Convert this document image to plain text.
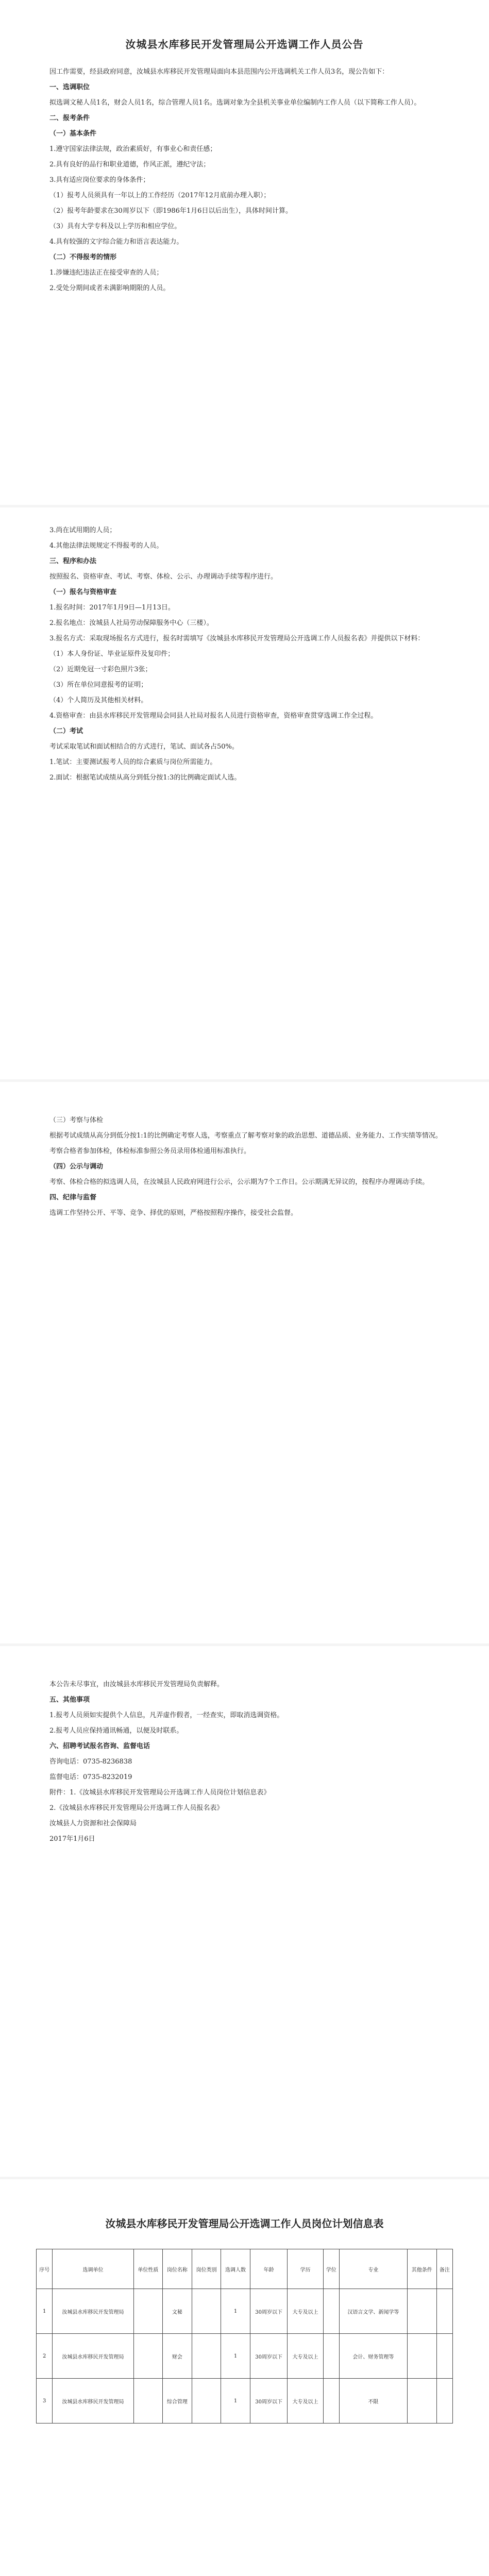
汝城县水库移民开发管理局公开选调工作人员公告
因工作需要，经县政府同意，汝城县水库移民开发管理局面向本县范围内公开选调机关工作人员3名，现公告如下：
一、选调职位
拟选调文秘人员1名，财会人员1名，综合管理人员1名。选调对象为全县机关事业单位编制内工作人员（以下简称工作人员）。
二、报考条件
（一）基本条件
1.遵守国家法律法规，政治素质好，有事业心和责任感；
2.具有良好的品行和职业道德，作风正派，遵纪守法；
3.具有适应岗位要求的身体条件；
（1）报考人员须具有一年以上的工作经历（2017年12月底前办理入职）；
（2）报考年龄要求在30周岁以下（即1986年1月6日以后出生），具体时间计算。
（3）具有大学专科及以上学历和相应学位。
4.具有较强的文字综合能力和语言表达能力。
（二）不得报考的情形
1.涉嫌违纪违法正在接受审查的人员；
2.受处分期间或者未满影响期限的人员。
3.尚在试用期的人员；
4.其他法律法规规定不得报考的人员。
三、程序和办法
按照报名、资格审查、考试、考察、体检、公示、办理调动手续等程序进行。
（一）报名与资格审查
1.报名时间：2017年1月9日—1月13日。
2.报名地点：汝城县人社局劳动保障服务中心（三楼）。
3.报名方式：采取现场报名方式进行，报名时需填写《汝城县水库移民开发管理局公开选调工作人员报名表》并提供以下材料：
（1）本人身份证、毕业证原件及复印件；
（2）近期免冠一寸彩色照片3张；
（3）所在单位同意报考的证明；
（4）个人简历及其他相关材料。
4.资格审查：由县水库移民开发管理局会同县人社局对报名人员进行资格审查，资格审查贯穿选调工作全过程。
（二）考试
考试采取笔试和面试相结合的方式进行，笔试、面试各占50%。
1.笔试：主要测试报考人员的综合素质与岗位所需能力。
2.面试：根据笔试成绩从高分到低分按1:3的比例确定面试人选。
（三）考察与体检
根据考试成绩从高分到低分按1:1的比例确定考察人选，考察重点了解考察对象的政治思想、道德品质、业务能力、工作实绩等情况。
考察合格者参加体检，体检标准参照公务员录用体检通用标准执行。
（四）公示与调动
考察、体检合格的拟选调人员，在汝城县人民政府网进行公示，公示期为7个工作日。公示期满无异议的，按程序办理调动手续。
四、纪律与监督
选调工作坚持公开、平等、竞争、择优的原则，严格按照程序操作，接受社会监督。
本公告未尽事宜，由汝城县水库移民开发管理局负责解释。
五、其他事项
1.报考人员须如实提供个人信息，凡弄虚作假者，一经查实，即取消选调资格。
2.报考人员应保持通讯畅通，以便及时联系。
六、招聘考试报名咨询、监督电话
咨询电话：0735-8236838
监督电话：0735-8232019
附件：1.《汝城县水库移民开发管理局公开选调工作人员岗位计划信息表》
2.《汝城县水库移民开发管理局公开选调工作人员报名表》
汝城县人力资源和社会保障局
2017年1月6日
汝城县水库移民开发管理局公开选调工作人员岗位计划信息表
序号	选调单位	单位性质	岗位名称	岗位类别	选调人数	年龄	学历	学位	专业	其他条件	备注
1	汝城县水库移民开发管理局		文秘		1	30周岁以下	大专及以上		汉语言文学、新闻学等		
2	汝城县水库移民开发管理局		财会		1	30周岁以下	大专及以上		会计、财务管理等		
3	汝城县水库移民开发管理局		综合管理		1	30周岁以下	大专及以上		不限		
